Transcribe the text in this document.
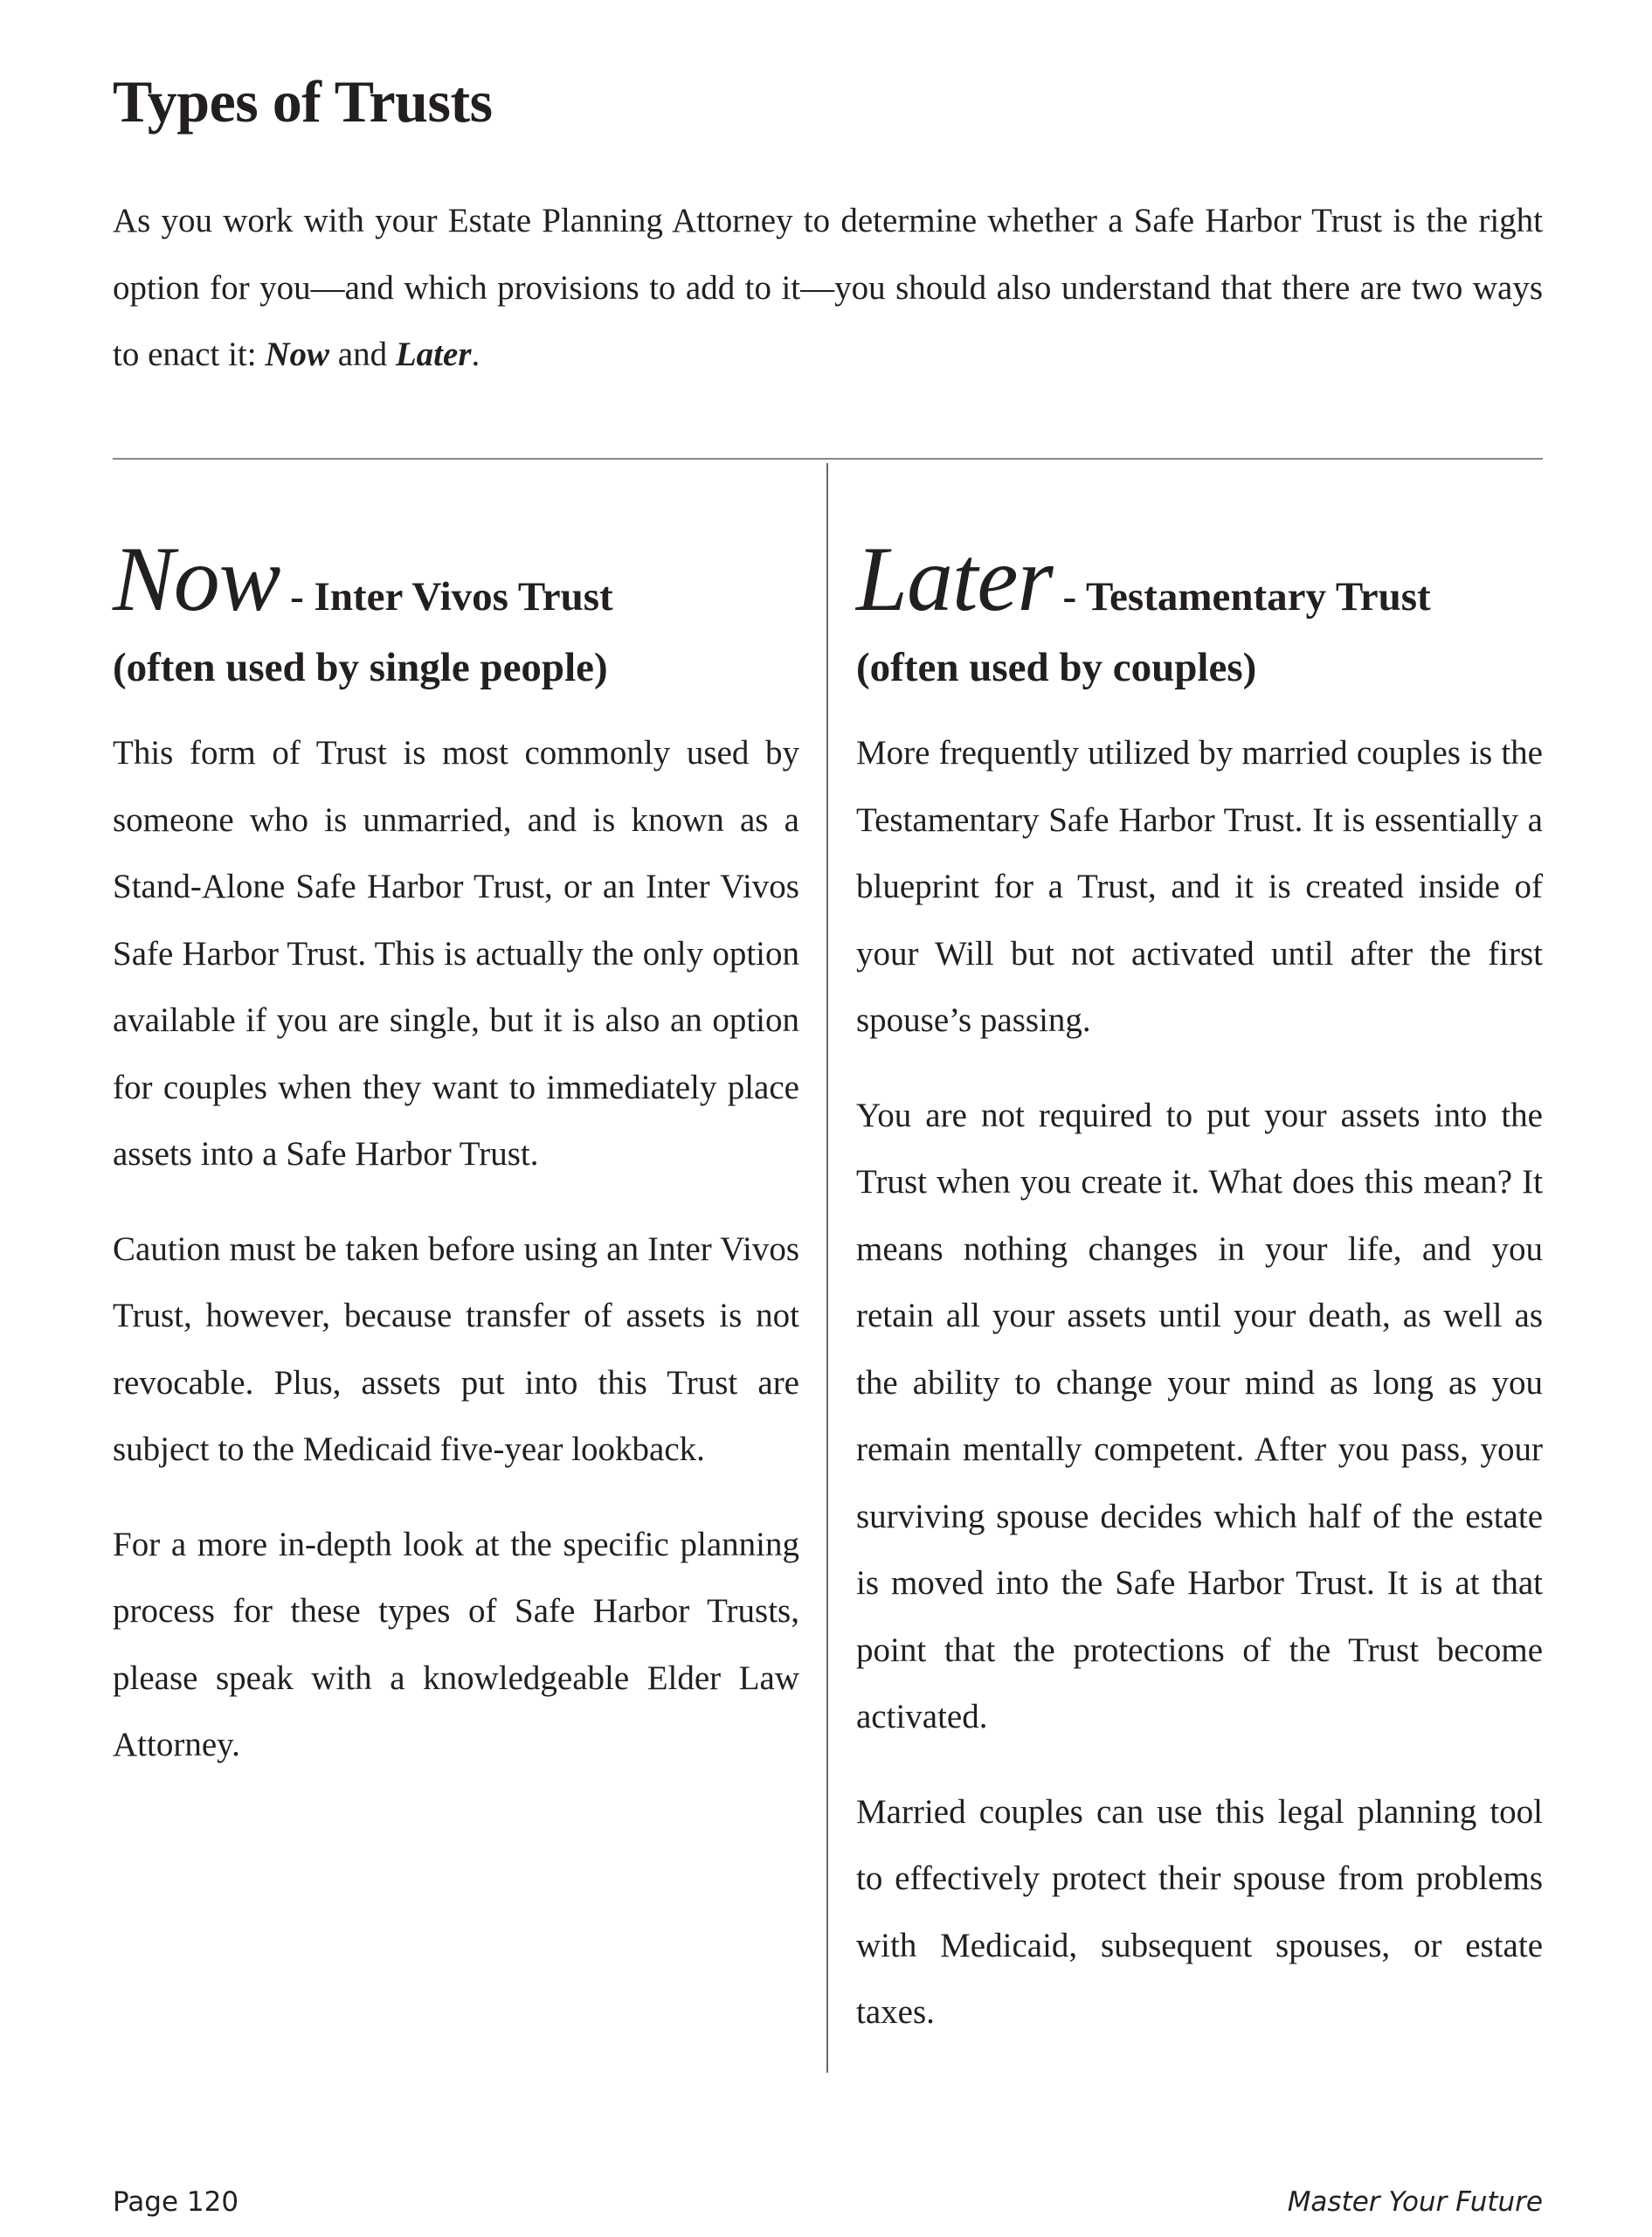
Types of Trusts

As you work with your Estate Planning Attorney to determine whether a Safe Harbor Trust is the right option for you—and which provisions to add to it—you should also understand that there are two ways to enact it: Now and Later.

Now - Inter Vivos Trust
(often used by single people)

This form of Trust is most commonly used by someone who is unmarried, and is known as a Stand-Alone Safe Harbor Trust, or an Inter Vivos Safe Harbor Trust. This is actually the only option available if you are single, but it is also an option for couples when they want to immediately place assets into a Safe Harbor Trust.

Caution must be taken before using an Inter Vivos Trust, however, because transfer of assets is not revocable. Plus, assets put into this Trust are subject to the Medicaid five-year lookback.

For a more in-depth look at the specific planning process for these types of Safe Harbor Trusts, please speak with a knowledgeable Elder Law Attorney.

Later - Testamentary Trust
(often used by couples)

More frequently utilized by married couples is the Testamentary Safe Harbor Trust. It is essentially a blueprint for a Trust, and it is created inside of your Will but not activated until after the first spouse’s passing.

You are not required to put your assets into the Trust when you create it. What does this mean? It means nothing changes in your life, and you retain all your assets until your death, as well as the ability to change your mind as long as you remain mentally competent. After you pass, your surviving spouse decides which half of the estate is moved into the Safe Harbor Trust. It is at that point that the protections of the Trust become activated.

Married couples can use this legal planning tool to effectively protect their spouse from problems with Medicaid, subsequent spouses, or estate taxes.

Page 120	Master Your Future
